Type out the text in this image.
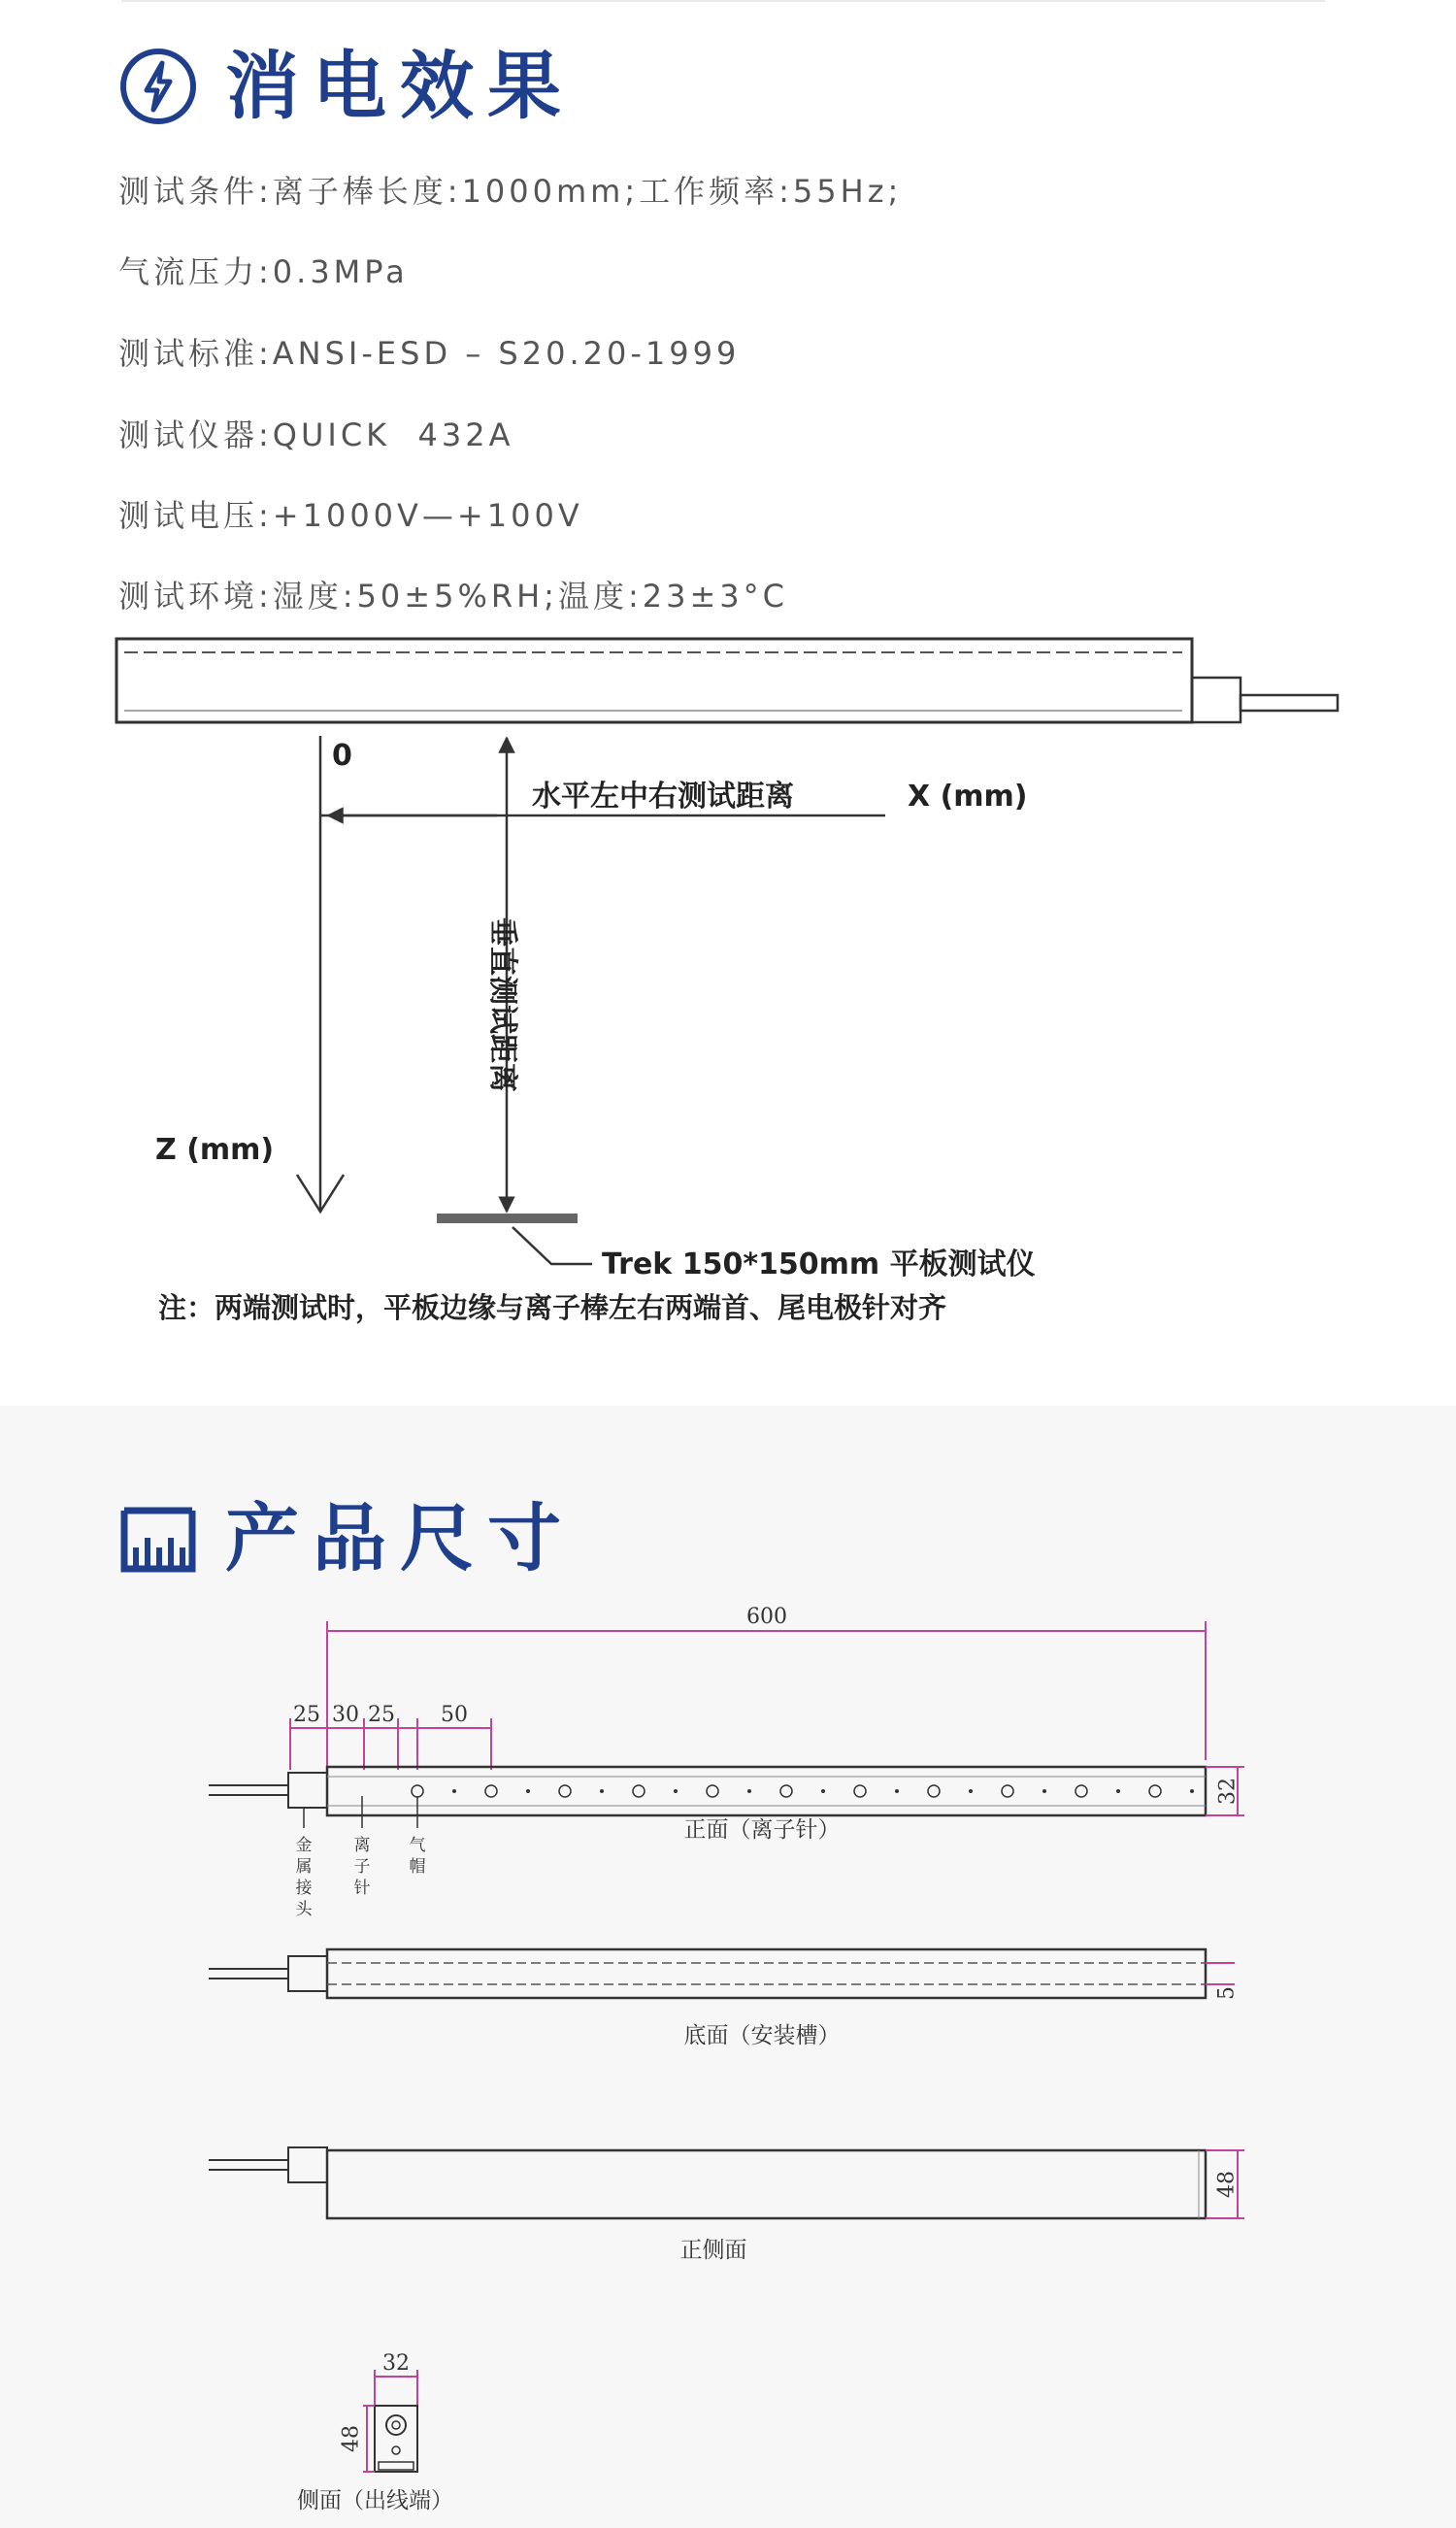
消电效果
测试条件:离子棒长度:1000mm;工作频率:55Hz;
气流压力:0.3MPa
测试标准:ANSI-ESD – S20.20-1999
测试仪器:QUICK  432A
测试电压:+1000V—+100V
测试环境:湿度:50±5%RH;温度:23±3°C
0
水平左中右测试距离	X (mm)
垂直测试距离
Z (mm)
Trek 150*150mm 平板测试仪
注：两端测试时，平板边缘与离子棒左右两端首、尾电极针对齐
产品尺寸
600
25 30 25 50
32
金属接头
离子针
气帽
正面（离子针）
5
底面（安装槽）
48
正侧面
32
48
侧面（出线端）
